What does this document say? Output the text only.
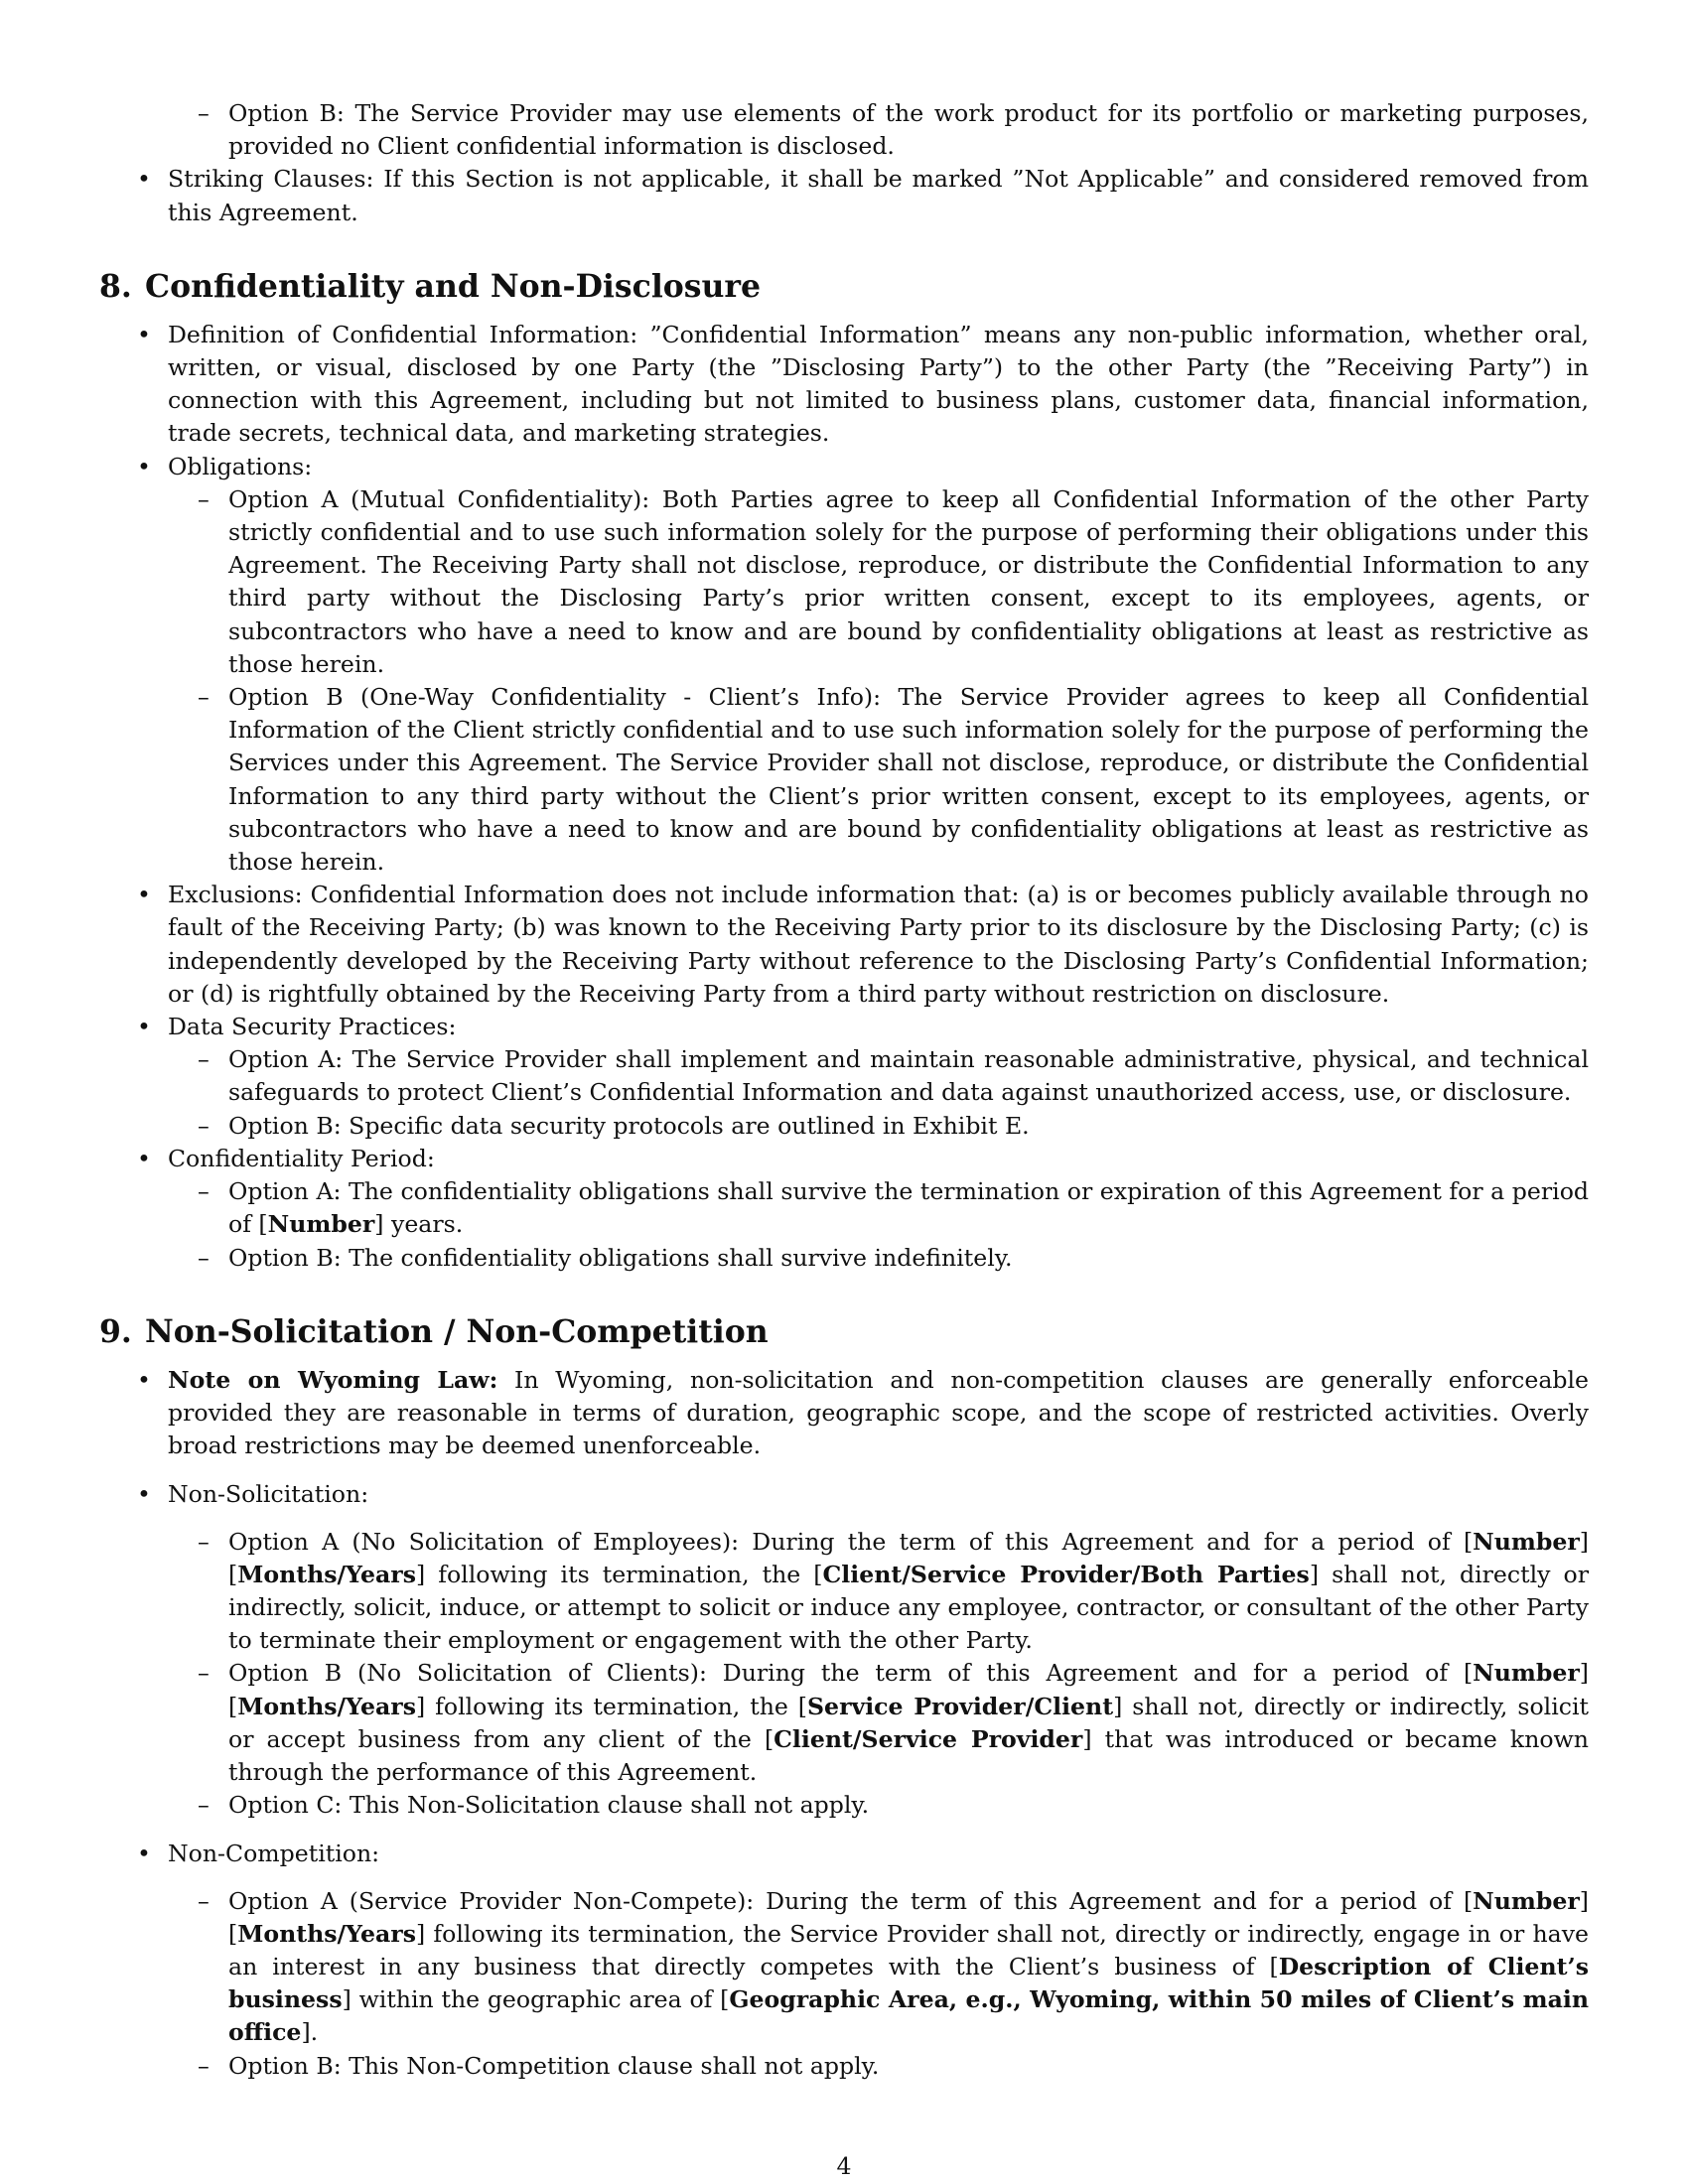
– Option B: The Service Provider may use elements of the work product for its portfolio or marketing purposes, provided no Client confidential information is disclosed.
• Striking Clauses: If this Section is not applicable, it shall be marked ”Not Applicable” and considered removed from this Agreement.
8. Confidentiality and Non-Disclosure
• Definition of Confidential Information: ”Confidential Information” means any non-public information, whether oral, written, or visual, disclosed by one Party (the ”Disclosing Party”) to the other Party (the ”Receiving Party”) in connection with this Agreement, including but not limited to business plans, customer data, financial information, trade secrets, technical data, and marketing strategies.
• Obligations:
– Option A (Mutual Confidentiality): Both Parties agree to keep all Confidential Information of the other Party strictly confidential and to use such information solely for the purpose of performing their obligations under this Agreement. The Receiving Party shall not disclose, reproduce, or distribute the Confidential Information to any third party without the Disclosing Party’s prior written consent, except to its employees, agents, or subcontractors who have a need to know and are bound by confidentiality obligations at least as restrictive as those herein.
– Option B (One-Way Confidentiality - Client’s Info): The Service Provider agrees to keep all Confidential Information of the Client strictly confidential and to use such information solely for the purpose of performing the Services under this Agreement. The Service Provider shall not disclose, reproduce, or distribute the Confidential Information to any third party without the Client’s prior written consent, except to its employees, agents, or subcontractors who have a need to know and are bound by confidentiality obligations at least as restrictive as those herein.
• Exclusions: Confidential Information does not include information that: (a) is or becomes publicly available through no fault of the Receiving Party; (b) was known to the Receiving Party prior to its disclosure by the Disclosing Party; (c) is independently developed by the Receiving Party without reference to the Disclosing Party’s Confidential Information; or (d) is rightfully obtained by the Receiving Party from a third party without restriction on disclosure.
• Data Security Practices:
– Option A: The Service Provider shall implement and maintain reasonable administrative, physical, and technical safeguards to protect Client’s Confidential Information and data against unauthorized access, use, or disclosure.
– Option B: Specific data security protocols are outlined in Exhibit E.
• Confidentiality Period:
– Option A: The confidentiality obligations shall survive the termination or expiration of this Agreement for a period of [Number] years.
– Option B: The confidentiality obligations shall survive indefinitely.
9. Non-Solicitation / Non-Competition
• Note on Wyoming Law: In Wyoming, non-solicitation and non-competition clauses are generally enforceable provided they are reasonable in terms of duration, geographic scope, and the scope of restricted activities. Overly broad restrictions may be deemed unenforceable.
• Non-Solicitation:
– Option A (No Solicitation of Employees): During the term of this Agreement and for a period of [Number] [Months/Years] following its termination, the [Client/Service Provider/Both Parties] shall not, directly or indirectly, solicit, induce, or attempt to solicit or induce any employee, contractor, or consultant of the other Party to terminate their employment or engagement with the other Party.
– Option B (No Solicitation of Clients): During the term of this Agreement and for a period of [Number] [Months/Years] following its termination, the [Service Provider/Client] shall not, directly or indirectly, solicit or accept business from any client of the [Client/Service Provider] that was introduced or became known through the performance of this Agreement.
– Option C: This Non-Solicitation clause shall not apply.
• Non-Competition:
– Option A (Service Provider Non-Compete): During the term of this Agreement and for a period of [Number] [Months/Years] following its termination, the Service Provider shall not, directly or indirectly, engage in or have an interest in any business that directly competes with the Client’s business of [Description of Client’s business] within the geographic area of [Geographic Area, e.g., Wyoming, within 50 miles of Client’s main office].
– Option B: This Non-Competition clause shall not apply.
4
